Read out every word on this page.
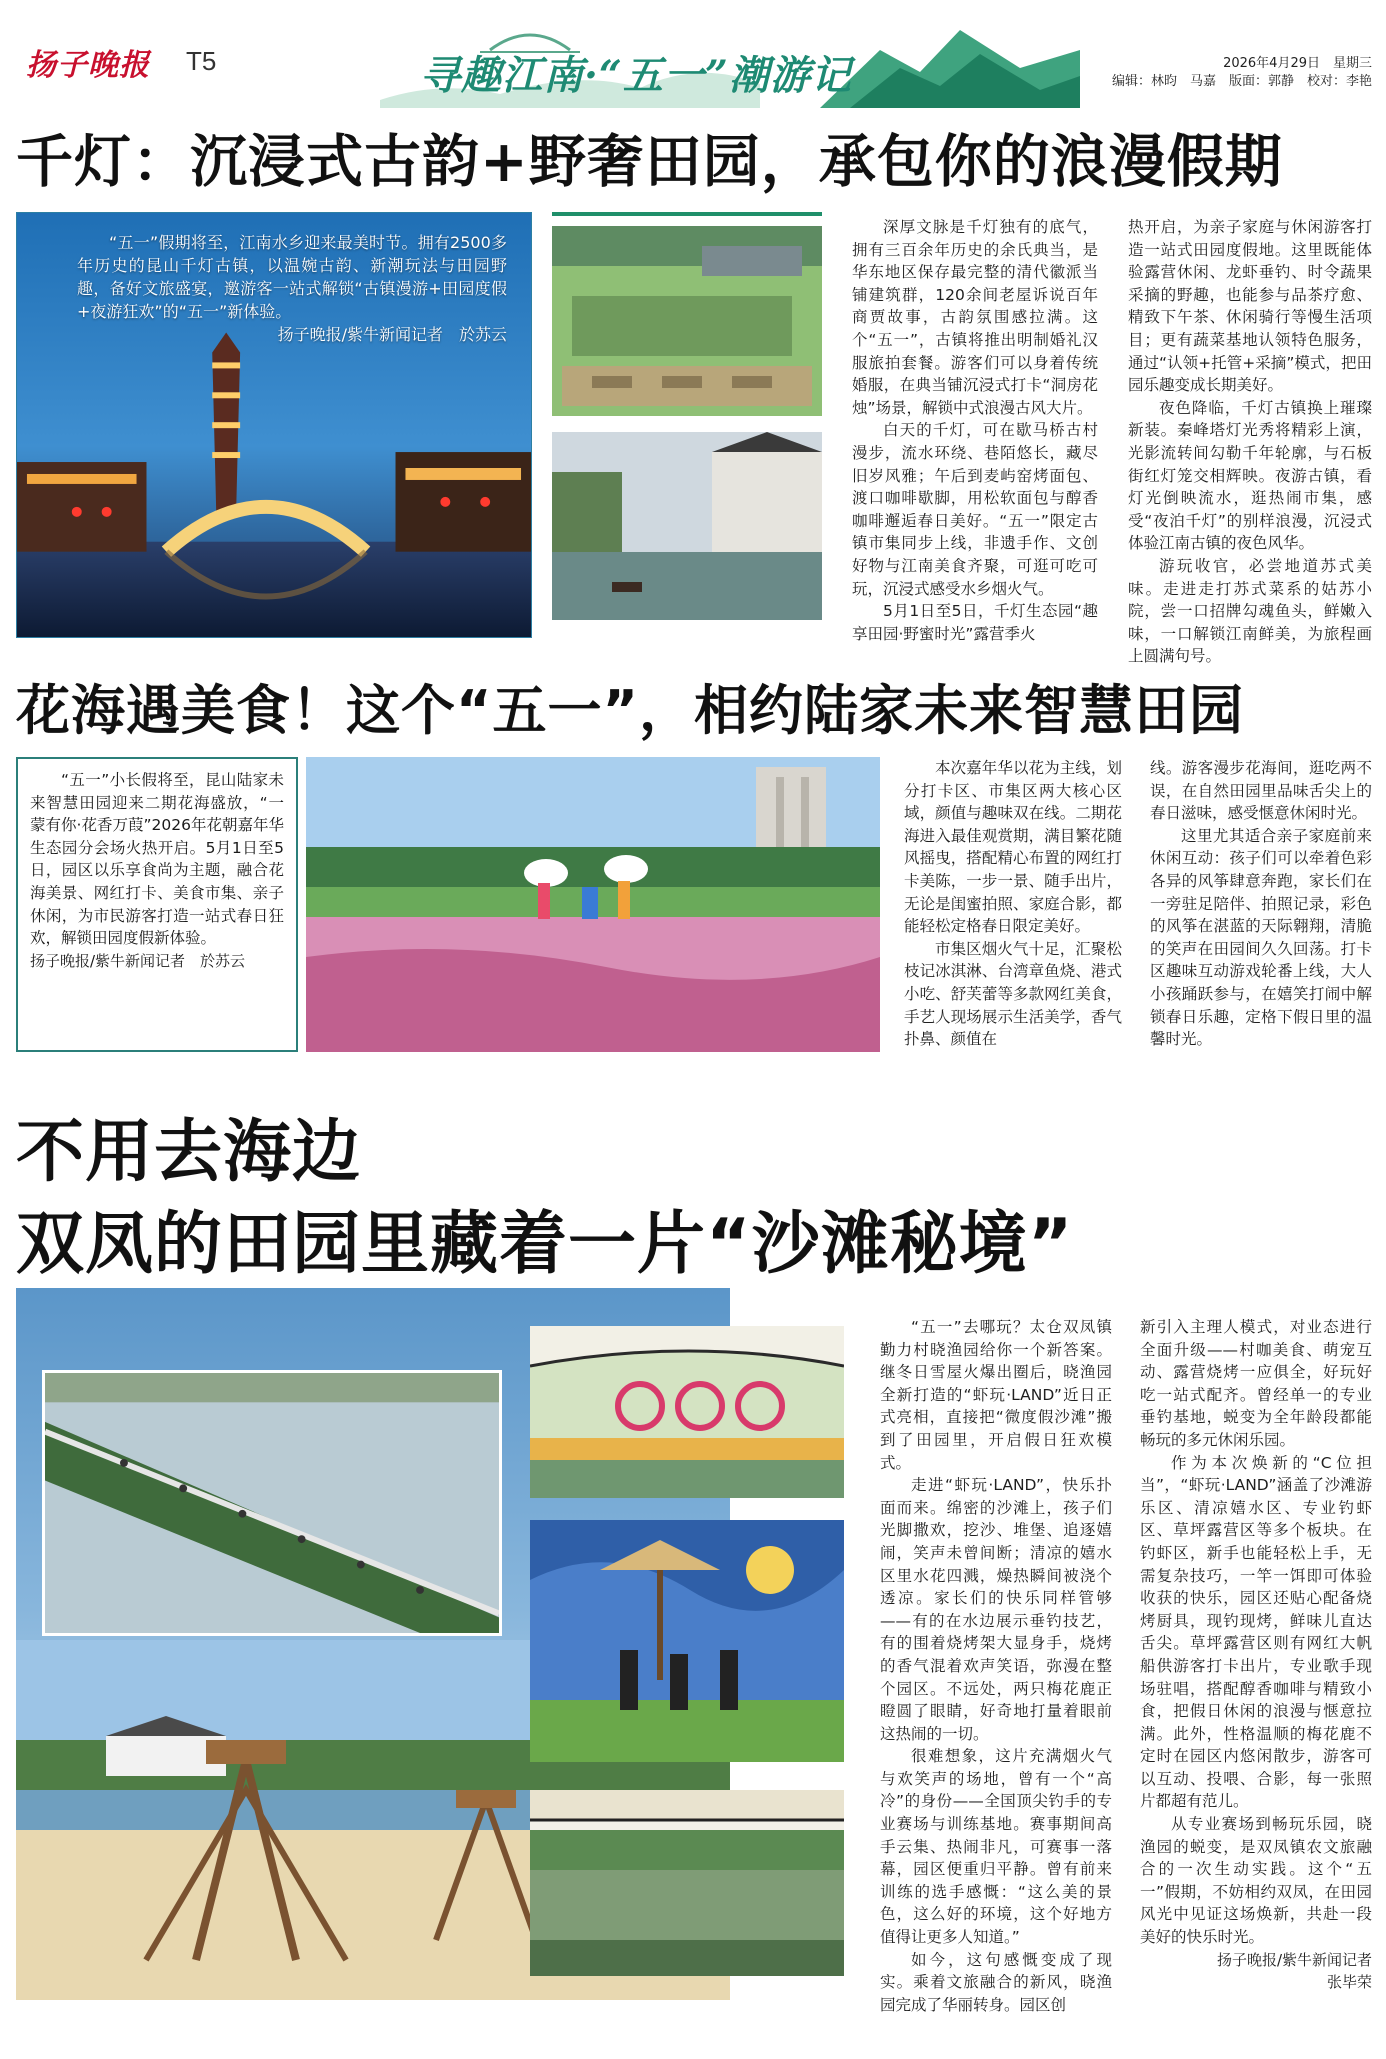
扬子晚报 T5	寻趣江南·“五一”潮游记	2026年4月29日　星期三
编辑：林昀　马嘉　版面：郭静　校对：李艳
千灯：沉浸式古韵+野奢田园，承包你的浪漫假期

“五一”假期将至，江南水乡迎来最美时节。拥有2500多年历史的昆山千灯古镇，以温婉古韵、新潮玩法与田园野趣，备好文旅盛宴，邀游客一站式解锁“古镇漫游+田园度假+夜游狂欢”的“五一”新体验。

扬子晚报/紫牛新闻记者　於苏云

深厚文脉是千灯独有的底气，拥有三百余年历史的余氏典当，是华东地区保存最完整的清代徽派当铺建筑群，120余间老屋诉说百年商贾故事，古韵氛围感拉满。这个“五一”，古镇将推出明制婚礼汉服旅拍套餐。游客们可以身着传统婚服，在典当铺沉浸式打卡“洞房花烛”场景，解锁中式浪漫古风大片。

白天的千灯，可在歇马桥古村漫步，流水环绕、巷陌悠长，藏尽旧岁风雅；午后到麦屿窑烤面包、渡口咖啡歇脚，用松软面包与醇香咖啡邂逅春日美好。“五一”限定古镇市集同步上线，非遗手作、文创好物与江南美食齐聚，可逛可吃可玩，沉浸式感受水乡烟火气。

5月1日至5日，千灯生态园“趣享田园·野蜜时光”露营季火

热开启，为亲子家庭与休闲游客打造一站式田园度假地。这里既能体验露营休闲、龙虾垂钓、时令蔬果采摘的野趣，也能参与品茶疗愈、精致下午茶、休闲骑行等慢生活项目；更有蔬菜基地认领特色服务，通过“认领+托管+采摘”模式，把田园乐趣变成长期美好。

夜色降临，千灯古镇换上璀璨新装。秦峰塔灯光秀将精彩上演，光影流转间勾勒千年轮廓，与石板街红灯笼交相辉映。夜游古镇，看灯光倒映流水，逛热闹市集，感受“夜泊千灯”的别样浪漫，沉浸式体验江南古镇的夜色风华。

游玩收官，必尝地道苏式美味。走进走打苏式菜系的姑苏小院，尝一口招牌勾魂鱼头，鲜嫩入味，一口解锁江南鲜美，为旅程画上圆满句号。

花海遇美食！这个“五一”，相约陆家未来智慧田园

“五一”小长假将至，昆山陆家未来智慧田园迎来二期花海盛放，“一蒙有你·花香万葭”2026年花朝嘉年华生态园分会场火热开启。5月1日至5日，园区以乐享食尚为主题，融合花海美景、网红打卡、美食市集、亲子休闲，为市民游客打造一站式春日狂欢，解锁田园度假新体验。

扬子晚报/紫牛新闻记者　於苏云

本次嘉年华以花为主线，划分打卡区、市集区两大核心区域，颜值与趣味双在线。二期花海进入最佳观赏期，满目繁花随风摇曳，搭配精心布置的网红打卡美陈，一步一景、随手出片，无论是闺蜜拍照、家庭合影，都能轻松定格春日限定美好。

市集区烟火气十足，汇聚松枝记冰淇淋、台湾章鱼烧、港式小吃、舒芙蕾等多款网红美食，手艺人现场展示生活美学，香气扑鼻、颜值在

线。游客漫步花海间，逛吃两不误，在自然田园里品味舌尖上的春日滋味，感受惬意休闲时光。

这里尤其适合亲子家庭前来休闲互动：孩子们可以牵着色彩各异的风筝肆意奔跑，家长们在一旁驻足陪伴、拍照记录，彩色的风筝在湛蓝的天际翱翔，清脆的笑声在田园间久久回荡。打卡区趣味互动游戏轮番上线，大人小孩踊跃参与，在嬉笑打闹中解锁春日乐趣，定格下假日里的温馨时光。

不用去海边
双凤的田园里藏着一片“沙滩秘境”

“五一”去哪玩？太仓双凤镇勤力村晓渔园给你一个新答案。继冬日雪屋火爆出圈后，晓渔园全新打造的“虾玩·LAND”近日正式亮相，直接把“微度假沙滩”搬到了田园里，开启假日狂欢模式。

走进“虾玩·LAND”，快乐扑面而来。绵密的沙滩上，孩子们光脚撒欢，挖沙、堆堡、追逐嬉闹，笑声未曾间断；清凉的嬉水区里水花四溅，燥热瞬间被浇个透凉。家长们的快乐同样管够——有的在水边展示垂钓技艺，有的围着烧烤架大显身手，烧烤的香气混着欢声笑语，弥漫在整个园区。不远处，两只梅花鹿正瞪圆了眼睛，好奇地打量着眼前这热闹的一切。

很难想象，这片充满烟火气与欢笑声的场地，曾有一个“高冷”的身份——全国顶尖钓手的专业赛场与训练基地。赛事期间高手云集、热闹非凡，可赛事一落幕，园区便重归平静。曾有前来训练的选手感慨：“这么美的景色，这么好的环境，这个好地方值得让更多人知道。”

如今，这句感慨变成了现实。乘着文旅融合的新风，晓渔园完成了华丽转身。园区创

新引入主理人模式，对业态进行全面升级——村咖美食、萌宠互动、露营烧烤一应俱全，好玩好吃一站式配齐。曾经单一的专业垂钓基地，蜕变为全年龄段都能畅玩的多元休闲乐园。

作为本次焕新的“C位担当”，“虾玩·LAND”涵盖了沙滩游乐区、清凉嬉水区、专业钓虾区、草坪露营区等多个板块。在钓虾区，新手也能轻松上手，无需复杂技巧，一竿一饵即可体验收获的快乐，园区还贴心配备烧烤厨具，现钓现烤，鲜味儿直达舌尖。草坪露营区则有网红大帆船供游客打卡出片，专业歌手现场驻唱，搭配醇香咖啡与精致小食，把假日休闲的浪漫与惬意拉满。此外，性格温顺的梅花鹿不定时在园区内悠闲散步，游客可以互动、投喂、合影，每一张照片都超有范儿。

从专业赛场到畅玩乐园，晓渔园的蜕变，是双凤镇农文旅融合的一次生动实践。这个“五一”假期，不妨相约双凤，在田园风光中见证这场焕新，共赴一段美好的快乐时光。

扬子晚报/紫牛新闻记者
张毕荣
